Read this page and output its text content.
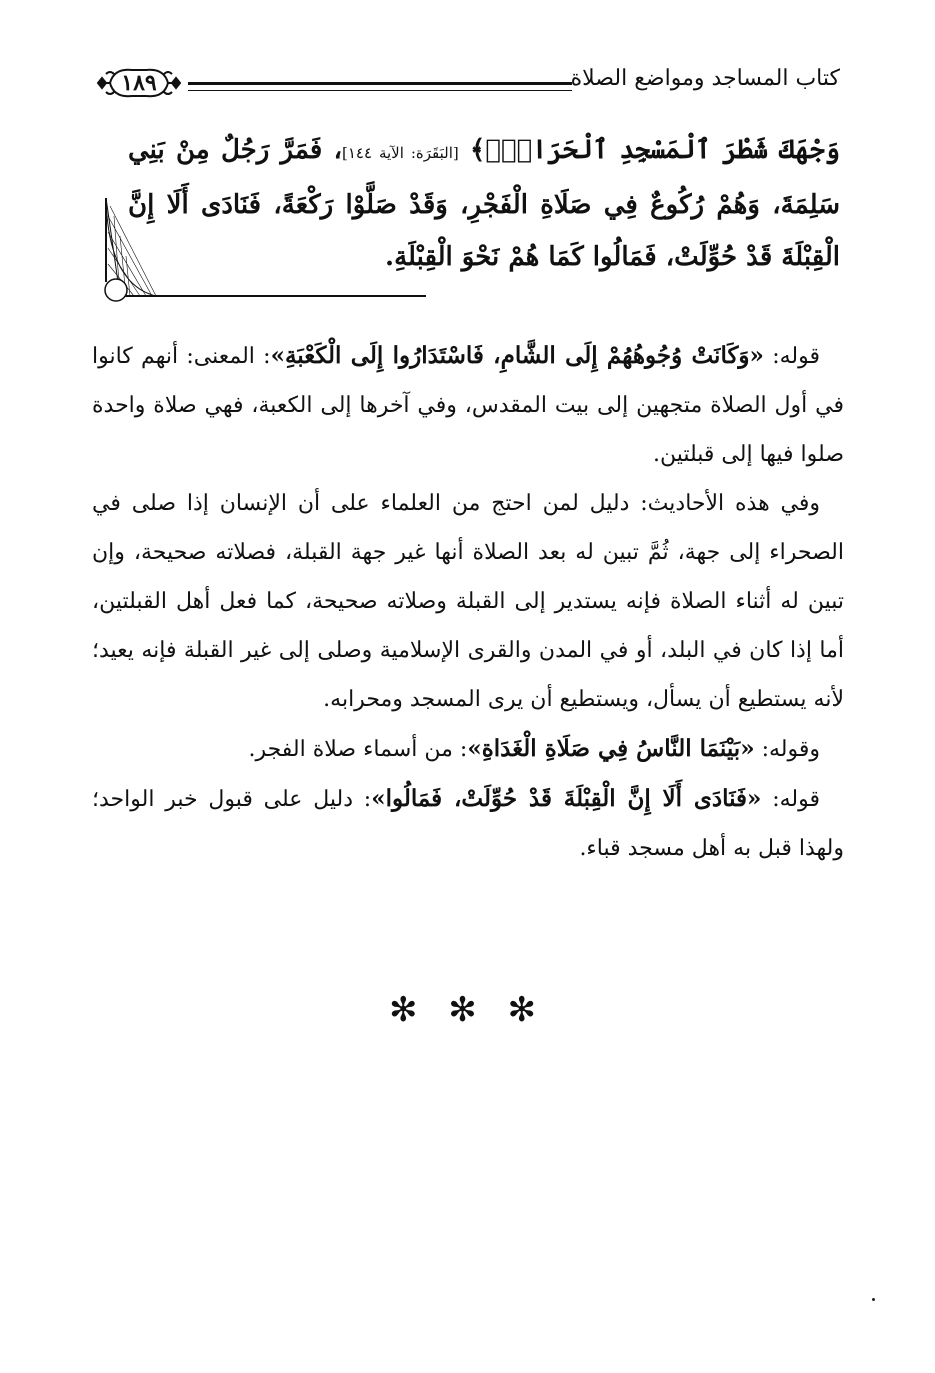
كتاب المساجد ومواضع الصلاة
١٨٩
وَجْهَكَ شَطْرَ ٱلْمَسْجِدِ ٱلْحَرَامِۚ﴾ [البَقَرَة: الآية ١٤٤]، فَمَرَّ رَجُلٌ مِنْ بَنِي سَلِمَةَ، وَهُمْ رُكُوعٌ فِي صَلَاةِ الْفَجْرِ، وَقَدْ صَلَّوْا رَكْعَةً، فَنَادَى أَلَا إِنَّ الْقِبْلَةَ قَدْ حُوِّلَتْ، فَمَالُوا كَمَا هُمْ نَحْوَ الْقِبْلَةِ.

قوله: «وَكَانَتْ وُجُوهُهُمْ إِلَى الشَّامِ، فَاسْتَدَارُوا إِلَى الْكَعْبَةِ»: المعنى: أنهم كانوا في أول الصلاة متجهين إلى بيت المقدس، وفي آخرها إلى الكعبة، فهي صلاة واحدة صلوا فيها إلى قبلتين.

وفي هذه الأحاديث: دليل لمن احتج من العلماء على أن الإنسان إذا صلى في الصحراء إلى جهة، ثُمَّ تبين له بعد الصلاة أنها غير جهة القبلة، فصلاته صحيحة، وإن تبين له أثناء الصلاة فإنه يستدير إلى القبلة وصلاته صحيحة، كما فعل أهل القبلتين، أما إذا كان في البلد، أو في المدن والقرى الإسلامية وصلى إلى غير القبلة فإنه يعيد؛ لأنه يستطيع أن يسأل، ويستطيع أن يرى المسجد ومحرابه.

وقوله: «بَيْنَمَا النَّاسُ فِي صَلَاةِ الْغَدَاةِ»: من أسماء صلاة الفجر.

قوله: «فَنَادَى أَلَا إِنَّ الْقِبْلَةَ قَدْ حُوِّلَتْ، فَمَالُوا»: دليل على قبول خبر الواحد؛ ولهذا قبل به أهل مسجد قباء.

✻ ✻ ✻
